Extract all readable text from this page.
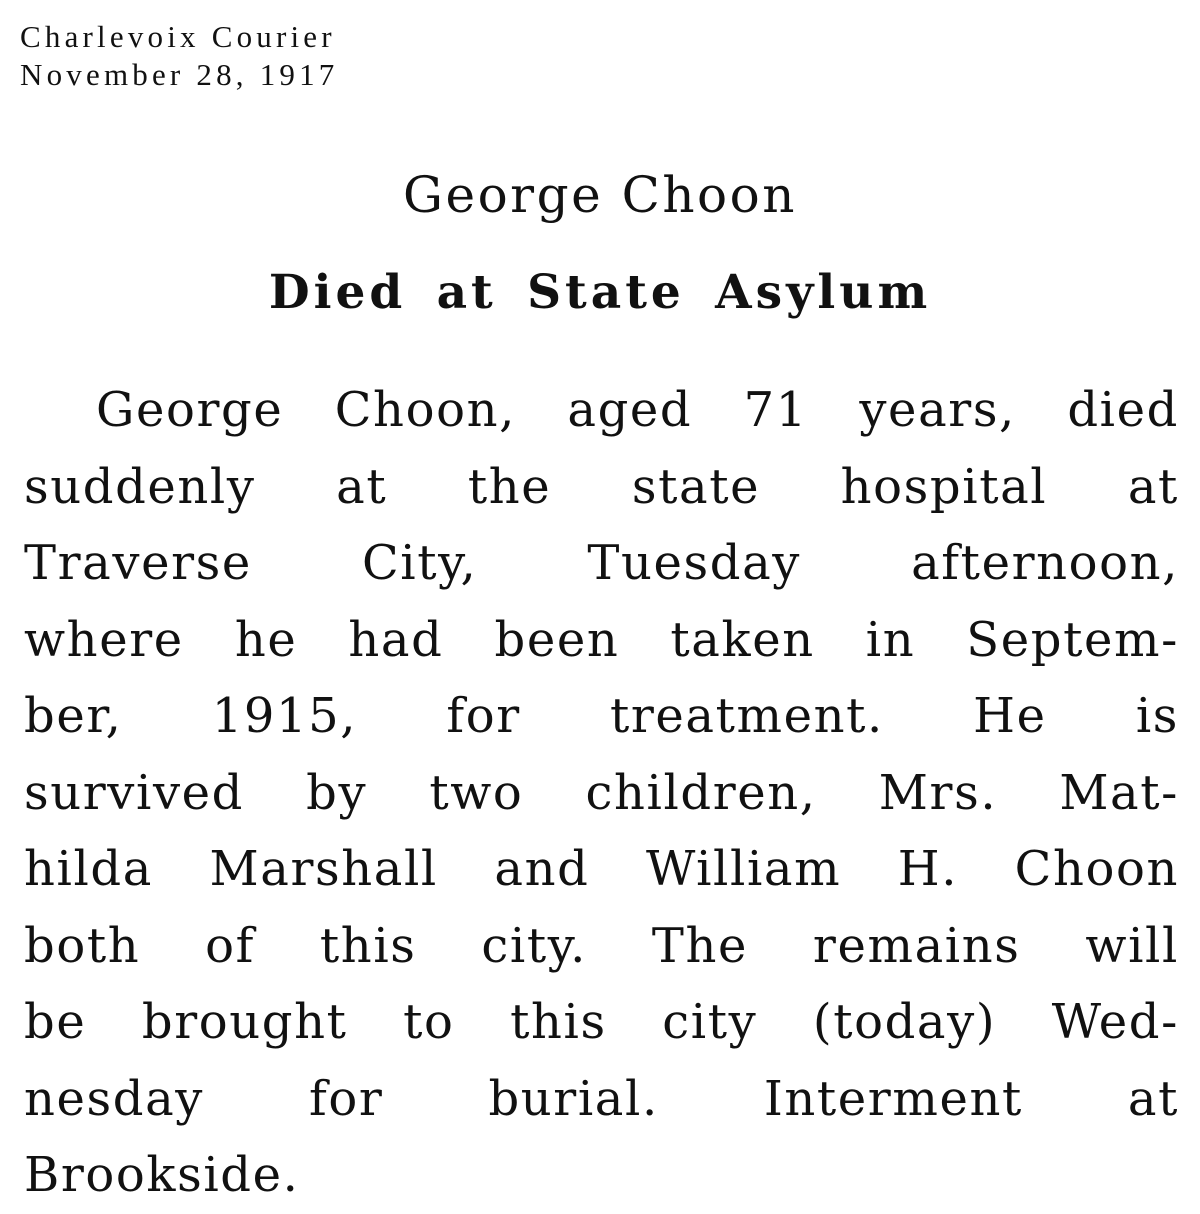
Charlevoix Courier
November 28, 1917
George Choon
Died at State Asylum
George Choon, aged 71 years, died
suddenly at the state hospital at
Traverse City, Tuesday afternoon,
where he had been taken in Septem-
ber, 1915, for treatment. He is
survived by two children, Mrs. Mat-
hilda Marshall and William H. Choon
both of this city. The remains will
be brought to this city (today) Wed-
nesday for burial. Interment at
Brookside.
